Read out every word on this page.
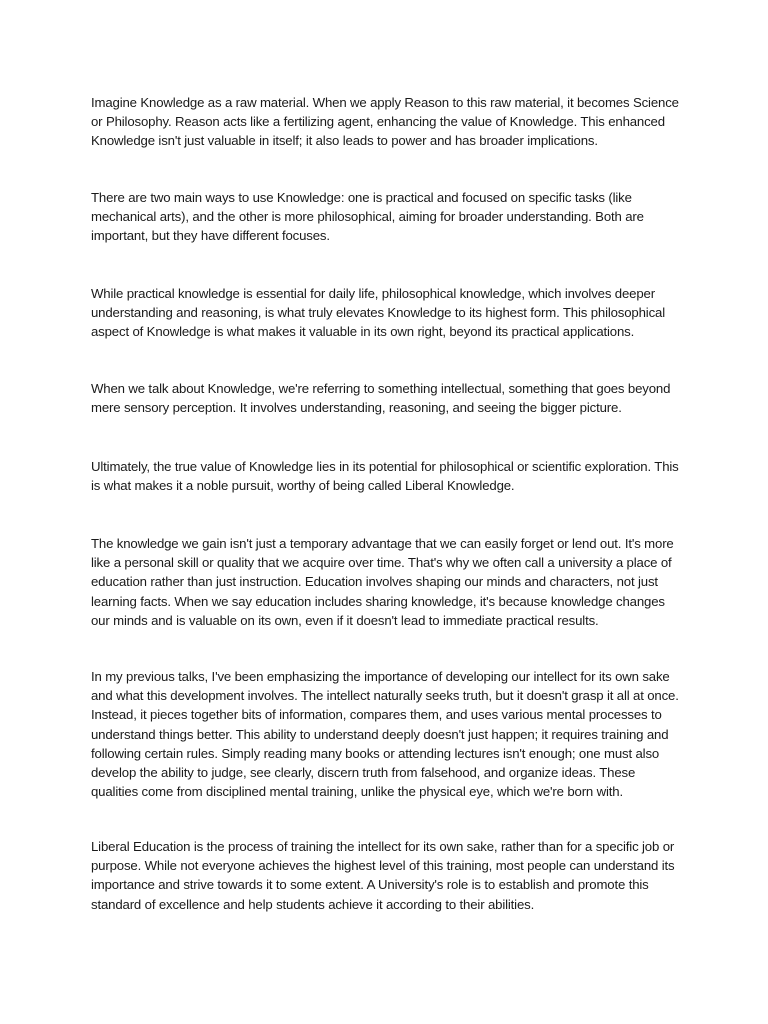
Imagine Knowledge as a raw material. When we apply Reason to this raw material, it becomes Science or Philosophy. Reason acts like a fertilizing agent, enhancing the value of Knowledge. This enhanced Knowledge isn't just valuable in itself; it also leads to power and has broader implications.

There are two main ways to use Knowledge: one is practical and focused on specific tasks (like mechanical arts), and the other is more philosophical, aiming for broader understanding. Both are important, but they have different focuses.

While practical knowledge is essential for daily life, philosophical knowledge, which involves deeper understanding and reasoning, is what truly elevates Knowledge to its highest form. This philosophical aspect of Knowledge is what makes it valuable in its own right, beyond its practical applications.

When we talk about Knowledge, we're referring to something intellectual, something that goes beyond mere sensory perception. It involves understanding, reasoning, and seeing the bigger picture.

Ultimately, the true value of Knowledge lies in its potential for philosophical or scientific exploration. This is what makes it a noble pursuit, worthy of being called Liberal Knowledge.

The knowledge we gain isn't just a temporary advantage that we can easily forget or lend out. It's more like a personal skill or quality that we acquire over time. That's why we often call a university a place of education rather than just instruction. Education involves shaping our minds and characters, not just learning facts. When we say education includes sharing knowledge, it's because knowledge changes our minds and is valuable on its own, even if it doesn't lead to immediate practical results.

In my previous talks, I've been emphasizing the importance of developing our intellect for its own sake and what this development involves. The intellect naturally seeks truth, but it doesn't grasp it all at once. Instead, it pieces together bits of information, compares them, and uses various mental processes to understand things better. This ability to understand deeply doesn't just happen; it requires training and following certain rules. Simply reading many books or attending lectures isn't enough; one must also develop the ability to judge, see clearly, discern truth from falsehood, and organize ideas. These qualities come from disciplined mental training, unlike the physical eye, which we're born with.

Liberal Education is the process of training the intellect for its own sake, rather than for a specific job or purpose. While not everyone achieves the highest level of this training, most people can understand its importance and strive towards it to some extent. A University's role is to establish and promote this standard of excellence and help students achieve it according to their abilities.
